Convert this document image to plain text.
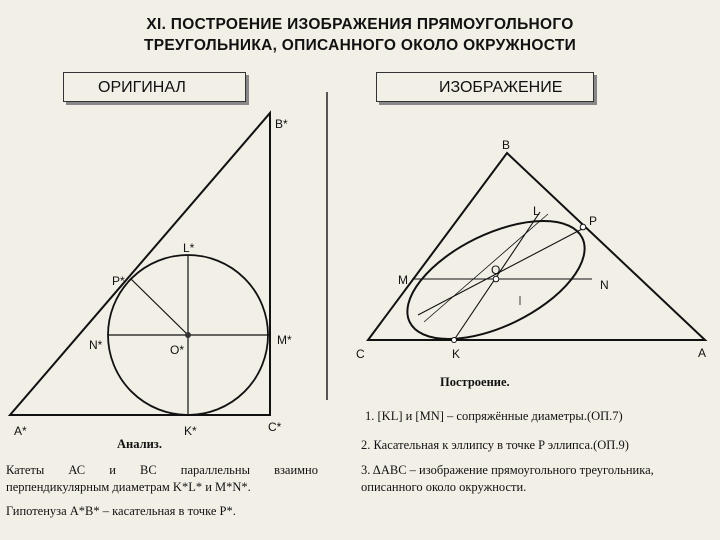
XI. ПОСТРОЕНИЕ ИЗОБРАЖЕНИЯ ПРЯМОУГОЛЬНОГО
ТРЕУГОЛЬНИКА, ОПИСАННОГО ОКОЛО ОКРУЖНОСТИ
ОРИГИНАЛ	ИЗОБРАЖЕНИЕ
B*
L*
P*
N*	O*
M*
A*	K*	C*
B
L
P
O
M	N
C	K	A
Анализ.
Катеты АС и ВС параллельны взаимно перпендикулярным диаметрам K*L* и M*N*.
Гипотенуза A*B* – касательная в точке P*.
Построение.
1. [KL] и [MN] – сопряжённые диаметры.(ОП.7)
2. Касательная к эллипсу в точке P эллипса.(ОП.9)
3. ΔABC – изображение прямоугольного треугольника, описанного около окружности.
